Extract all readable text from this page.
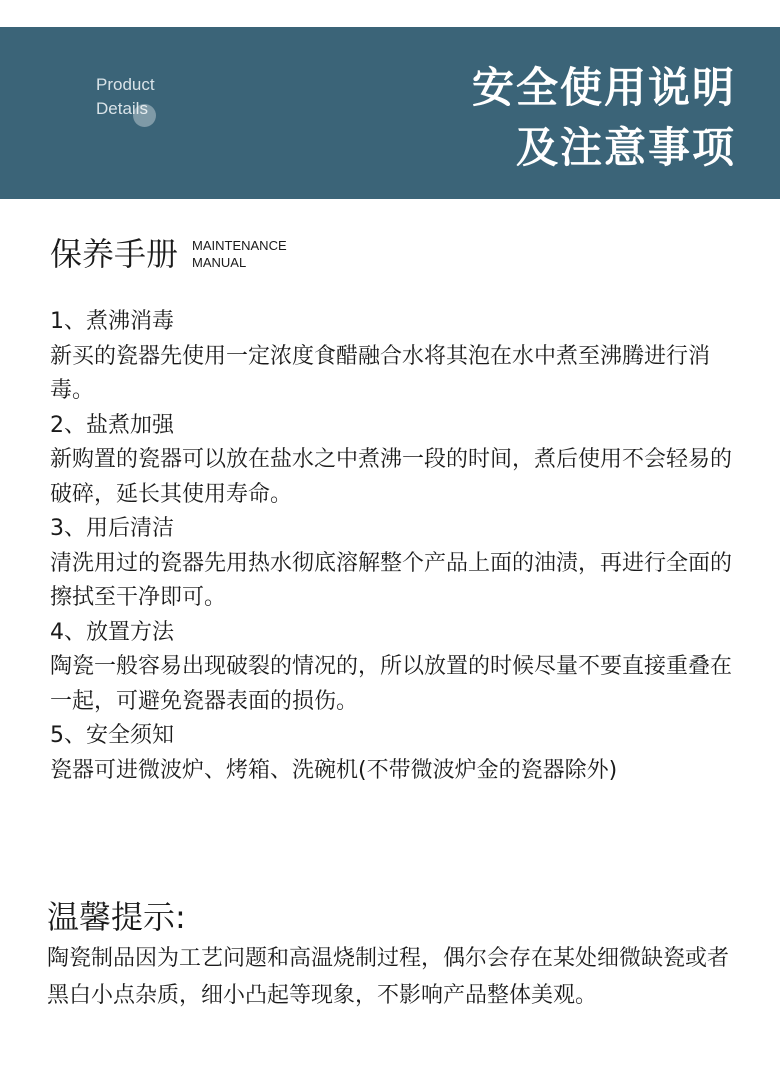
Product
Details	安全使用说明
及注意事项
保养手册 MAINTENANCE
MANUAL

1、煮沸消毒

新买的瓷器先使用一定浓度食醋融合水将其泡在水中煮至沸腾进行消毒。

2、盐煮加强

新购置的瓷器可以放在盐水之中煮沸一段的时间，煮后使用不会轻易的破碎，延长其使用寿命。

3、用后清洁

清洗用过的瓷器先用热水彻底溶解整个产品上面的油渍，再进行全面的擦拭至干净即可。

4、放置方法

陶瓷一般容易出现破裂的情况的，所以放置的时候尽量不要直接重叠在一起，可避免瓷器表面的损伤。

5、安全须知

瓷器可进微波炉、烤箱、洗碗机(不带微波炉金的瓷器除外)

温馨提示:

陶瓷制品因为工艺问题和高温烧制过程，偶尔会存在某处细微缺瓷或者黑白小点杂质，细小凸起等现象，不影响产品整体美观。
